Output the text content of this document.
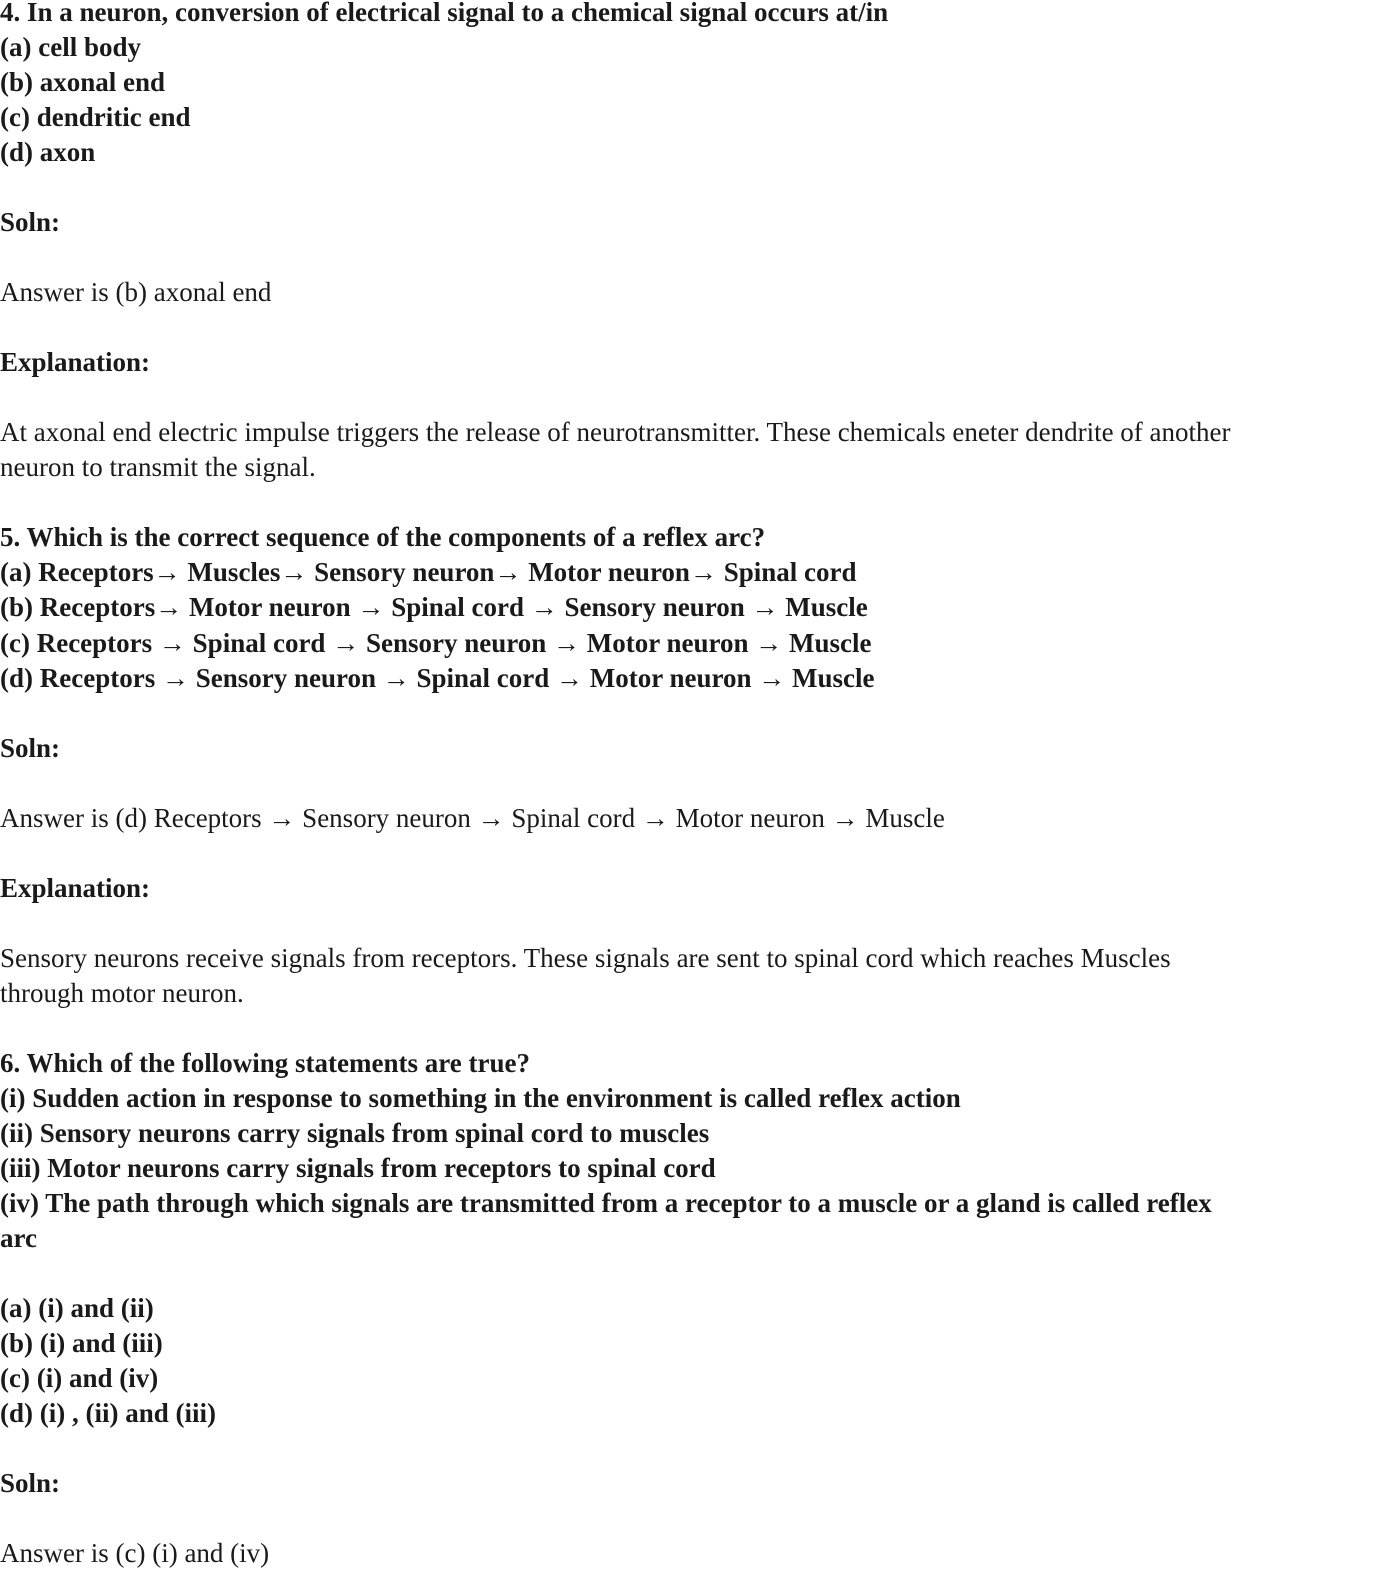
4. In a neuron, conversion of electrical signal to a chemical signal occurs at/in
(a) cell body
(b) axonal end
(c) dendritic end
(d) axon
Soln:
Answer is (b) axonal end
Explanation:
At axonal end electric impulse triggers the release of neurotransmitter. These chemicals eneter dendrite of another
neuron to transmit the signal.
5. Which is the correct sequence of the components of a reflex arc?
(a) Receptors→ Muscles→ Sensory neuron→ Motor neuron→ Spinal cord
(b) Receptors→ Motor neuron → Spinal cord → Sensory neuron → Muscle
(c) Receptors → Spinal cord → Sensory neuron → Motor neuron → Muscle
(d) Receptors → Sensory neuron → Spinal cord → Motor neuron → Muscle
Soln:
Answer is (d) Receptors → Sensory neuron → Spinal cord → Motor neuron → Muscle
Explanation:
Sensory neurons receive signals from receptors. These signals are sent to spinal cord which reaches Muscles
through motor neuron.
6. Which of the following statements are true?
(i) Sudden action in response to something in the environment is called reflex action
(ii) Sensory neurons carry signals from spinal cord to muscles
(iii) Motor neurons carry signals from receptors to spinal cord
(iv) The path through which signals are transmitted from a receptor to a muscle or a gland is called reflex
arc
(a) (i) and (ii)
(b) (i) and (iii)
(c) (i) and (iv)
(d) (i) , (ii) and (iii)
Soln:
Answer is (c) (i) and (iv)
